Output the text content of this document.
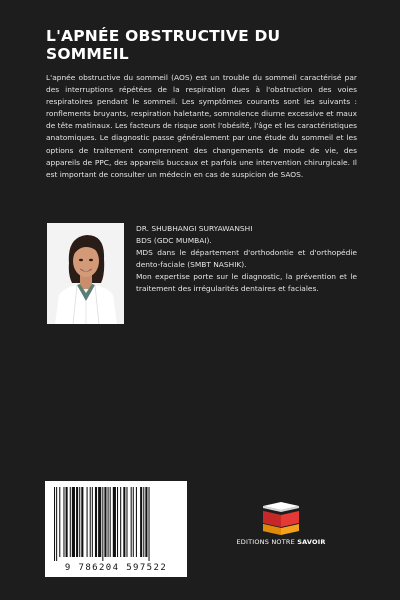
L'APNÉE OBSTRUCTIVE DU
SOMMEIL
L'apnée obstructive du sommeil (AOS) est un trouble du sommeil caractérisé par des interruptions répétées de la respiration dues à l'obstruction des voies respiratoires pendant le sommeil. Les symptômes courants sont les suivants : ronflements bruyants, respiration haletante, somnolence diurne excessive et maux de tête matinaux. Les facteurs de risque sont l'obésité, l'âge et les caractéristiques anatomiques. Le diagnostic passe généralement par une étude du sommeil et les options de traitement comprennent des changements de mode de vie, des appareils de PPC, des appareils buccaux et parfois une intervention chirurgicale. Il est important de consulter un médecin en cas de suspicion de SAOS.
DR. SHUBHANGI SURYAWANSHI
BDS (GDC MUMBAI).
MDS dans le département d'orthodontie et d'orthopédie dento-faciale (SMBT NASHIK).
Mon expertise porte sur le diagnostic, la prévention et le traitement des irrégularités dentaires et faciales.
9 786204 597522
EDITIONS NOTRE SAVOIR
